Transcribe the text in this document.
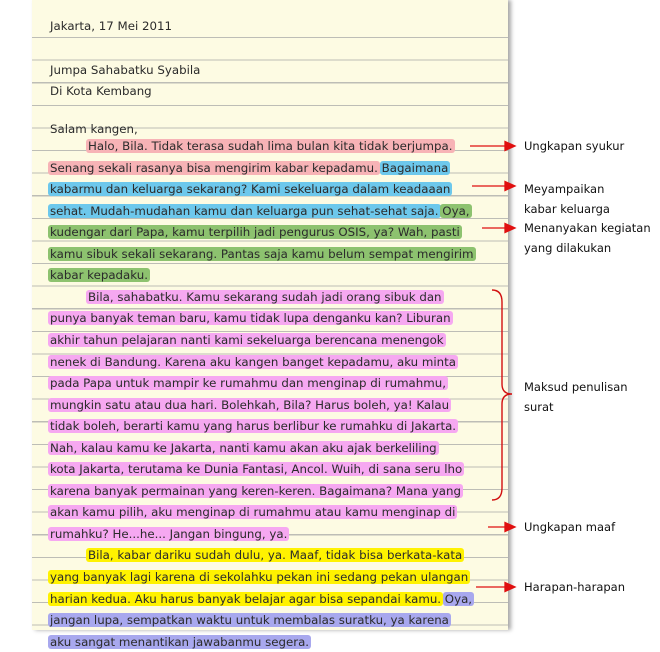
Jakarta, 17 Mei 2011
Jumpa Sahabatku Syabila
Di Kota Kembang
Salam kangen,
Halo, Bila. Tidak terasa sudah lima bulan kita tidak berjumpa.
Senang sekali rasanya bisa mengirim kabar kepadamu. Bagaimana
kabarmu dan keluarga sekarang? Kami sekeluarga dalam keadaaan
sehat. Mudah-mudahan kamu dan keluarga pun sehat-sehat saja. Oya,
kudengar dari Papa, kamu terpilih jadi pengurus OSIS, ya? Wah, pasti
kamu sibuk sekali sekarang. Pantas saja kamu belum sempat mengirim
kabar kepadaku.
Bila, sahabatku. Kamu sekarang sudah jadi orang sibuk dan
punya banyak teman baru, kamu tidak lupa denganku kan? Liburan
akhir tahun pelajaran nanti kami sekeluarga berencana menengok
nenek di Bandung. Karena aku kangen banget kepadamu, aku minta
pada Papa untuk mampir ke rumahmu dan menginap di rumahmu,
mungkin satu atau dua hari. Bolehkah, Bila? Harus boleh, ya! Kalau
tidak boleh, berarti kamu yang harus berlibur ke rumahku di Jakarta.
Nah, kalau kamu ke Jakarta, nanti kamu akan aku ajak berkeliling
kota Jakarta, terutama ke Dunia Fantasi, Ancol. Wuih, di sana seru lho
karena banyak permainan yang keren-keren. Bagaimana? Mana yang
akan kamu pilih, aku menginap di rumahmu atau kamu menginap di
rumahku? He...he... Jangan bingung, ya.
Bila, kabar dariku sudah dulu, ya. Maaf, tidak bisa berkata-kata
yang banyak lagi karena di sekolahku pekan ini sedang pekan ulangan
harian kedua. Aku harus banyak belajar agar bisa sepandai kamu. Oya,
jangan lupa, sempatkan waktu untuk membalas suratku, ya karena
aku sangat menantikan jawabanmu segera.
Ungkapan syukur
Meyampaikan
kabar keluarga
Menanyakan kegiatan
yang dilakukan
Maksud penulisan
surat
Ungkapan maaf
Harapan-harapan
